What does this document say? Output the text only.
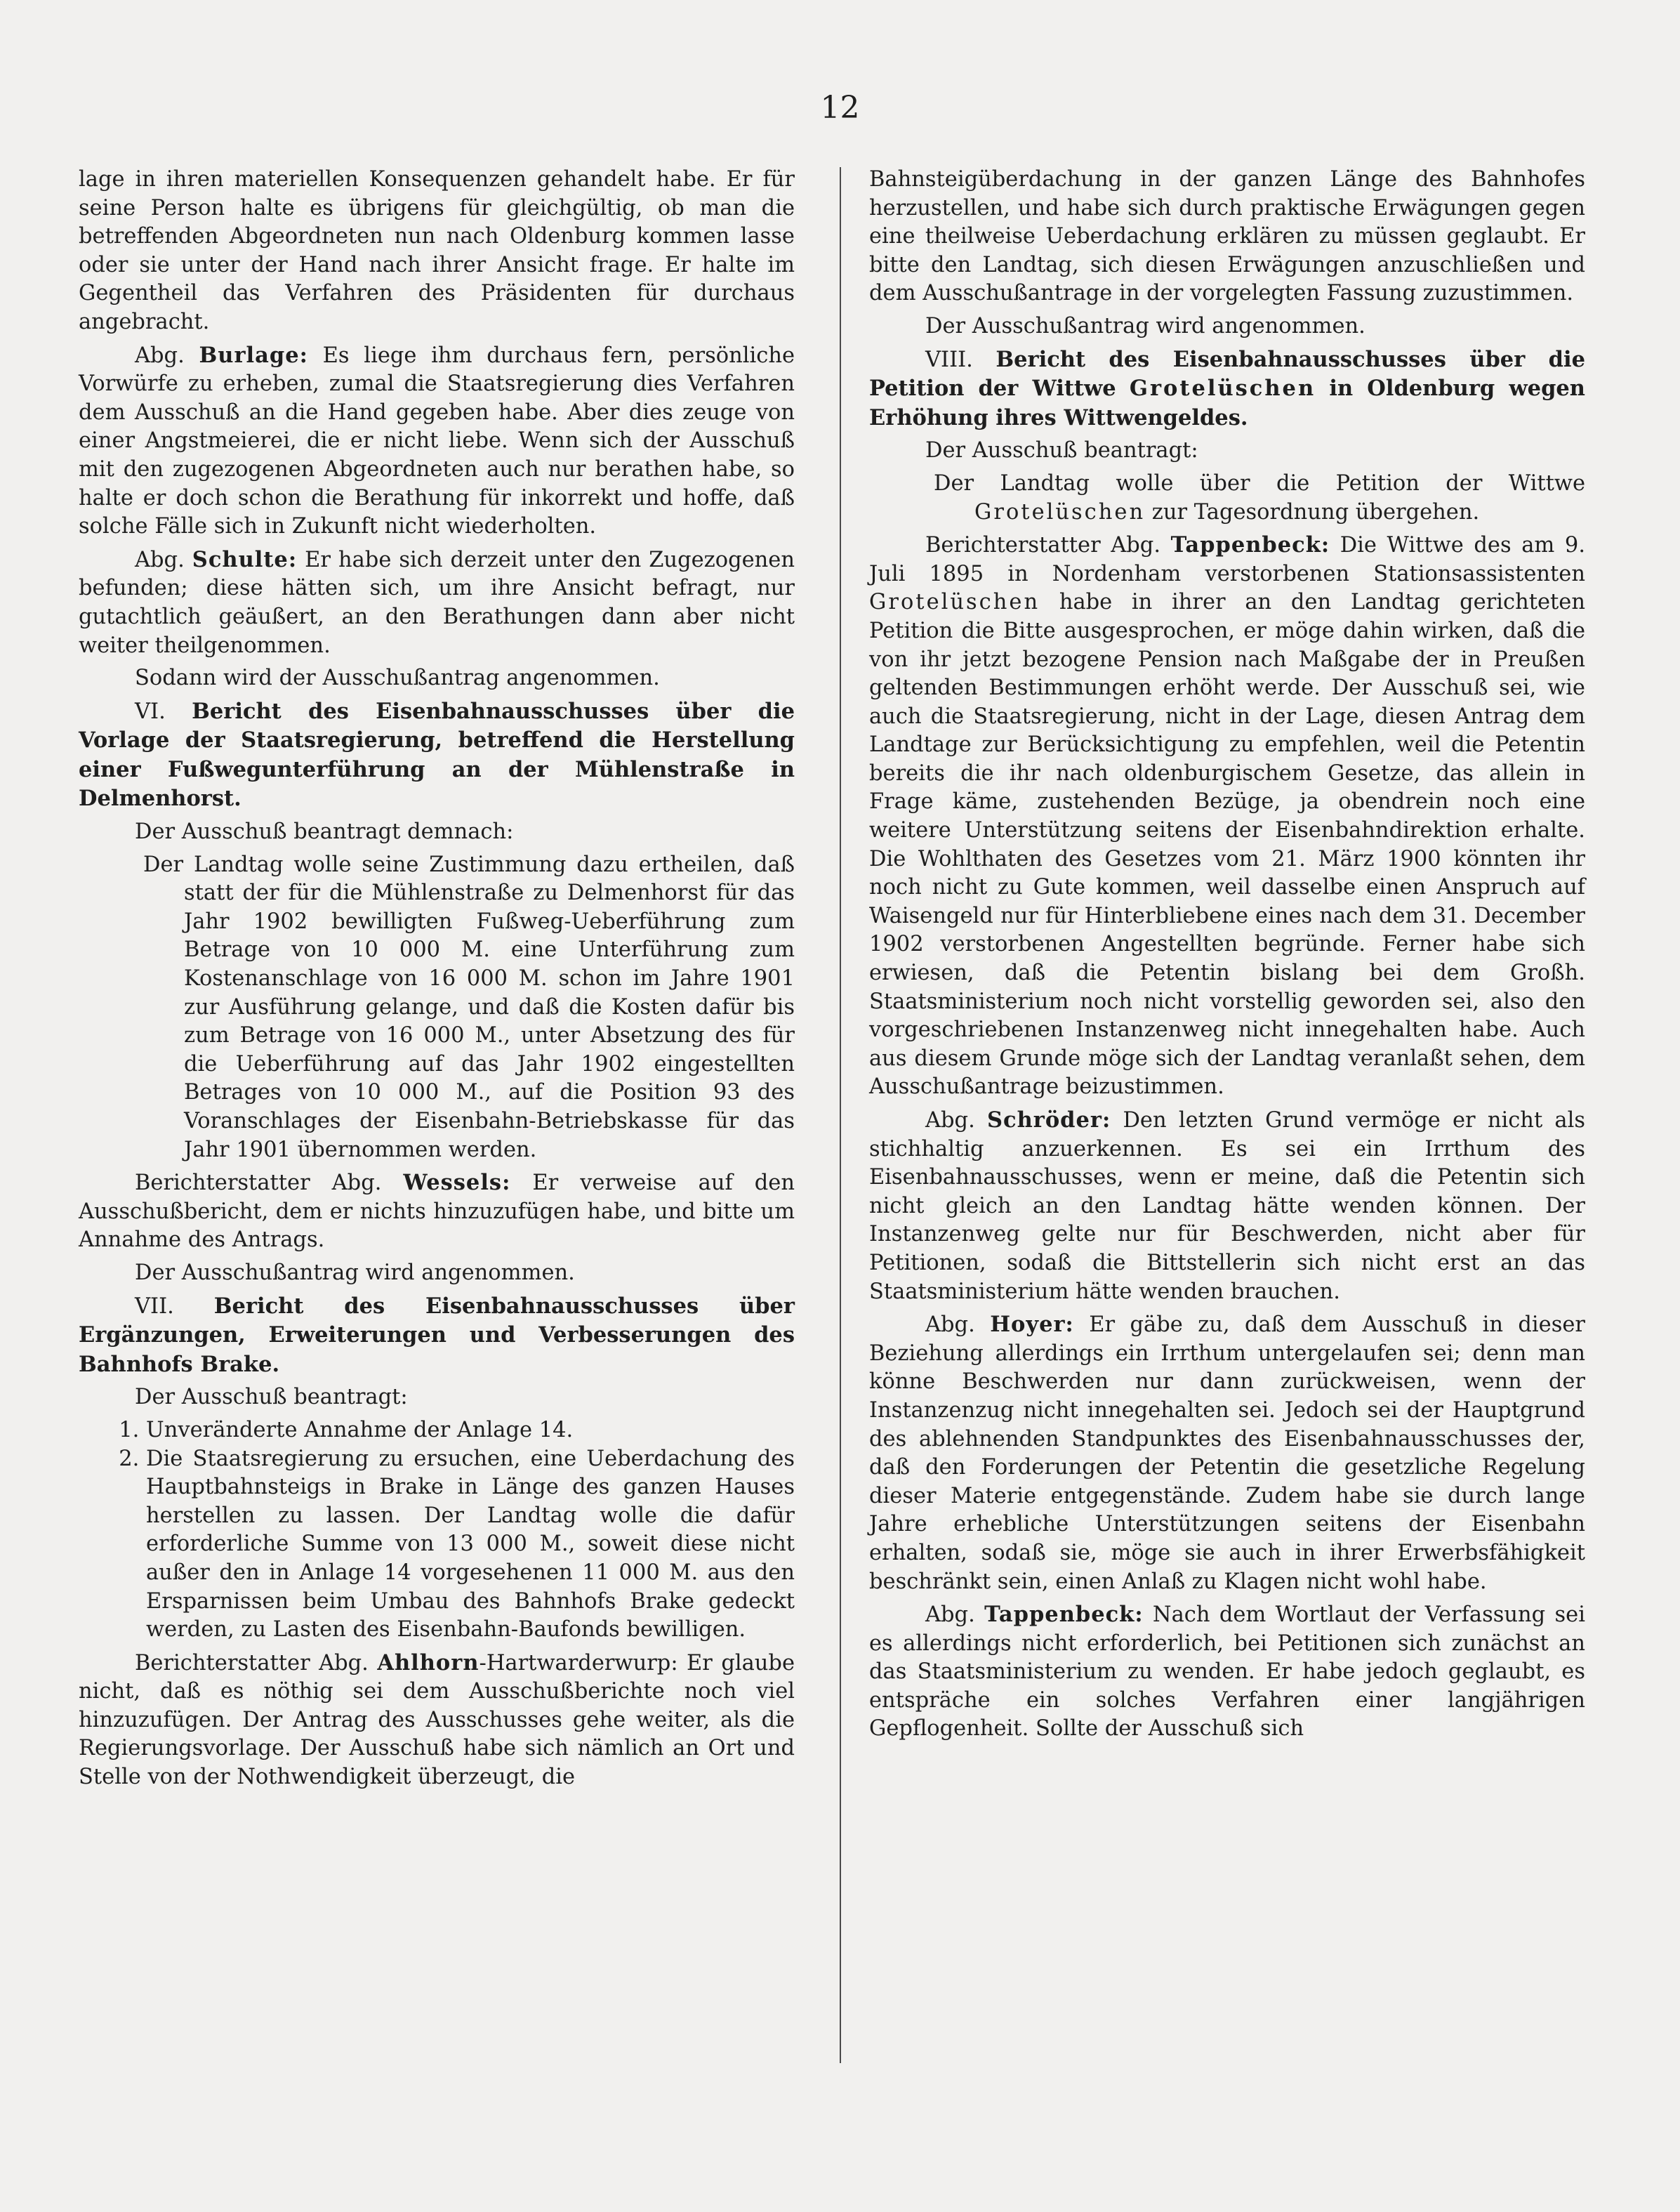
12

lage in ihren materiellen Konsequenzen gehandelt habe. Er für seine Person halte es übrigens für gleichgültig, ob man die betreffenden Abgeordneten nun nach Oldenburg kommen lasse oder sie unter der Hand nach ihrer Ansicht frage. Er halte im Gegentheil das Verfahren des Präsidenten für durchaus angebracht.

Abg. Burlage: Es liege ihm durchaus fern, persönliche Vorwürfe zu erheben, zumal die Staatsregierung dies Verfahren dem Ausschuß an die Hand gegeben habe. Aber dies zeuge von einer Angstmeierei, die er nicht liebe. Wenn sich der Ausschuß mit den zugezogenen Abgeordneten auch nur berathen habe, so halte er doch schon die Berathung für inkorrekt und hoffe, daß solche Fälle sich in Zukunft nicht wiederholten.

Abg. Schulte: Er habe sich derzeit unter den Zugezogenen befunden; diese hätten sich, um ihre Ansicht befragt, nur gutachtlich geäußert, an den Berathungen dann aber nicht weiter theilgenommen.

Sodann wird der Ausschußantrag angenommen.

VI. Bericht des Eisenbahnausschusses über die Vorlage der Staatsregierung, betreffend die Herstellung einer Fußwegunterführung an der Mühlenstraße in Delmenhorst.

Der Ausschuß beantragt demnach:

Der Landtag wolle seine Zustimmung dazu ertheilen, daß statt der für die Mühlenstraße zu Delmenhorst für das Jahr 1902 bewilligten Fußweg-Ueberführung zum Betrage von 10 000 M. eine Unterführung zum Kostenanschlage von 16 000 M. schon im Jahre 1901 zur Ausführung gelange, und daß die Kosten dafür bis zum Betrage von 16 000 M., unter Absetzung des für die Ueberführung auf das Jahr 1902 eingestellten Betrages von 10 000 M., auf die Position 93 des Voranschlages der Eisenbahn-Betriebskasse für das Jahr 1901 übernommen werden.

Berichterstatter Abg. Wessels: Er verweise auf den Ausschußbericht, dem er nichts hinzuzufügen habe, und bitte um Annahme des Antrags.

Der Ausschußantrag wird angenommen.

VII. Bericht des Eisenbahnausschusses über Ergänzungen, Erweiterungen und Verbesserungen des Bahnhofs Brake.

Der Ausschuß beantragt:

1. Unveränderte Annahme der Anlage 14.
2. Die Staatsregierung zu ersuchen, eine Ueberdachung des Hauptbahnsteigs in Brake in Länge des ganzen Hauses herstellen zu lassen. Der Landtag wolle die dafür erforderliche Summe von 13 000 M., soweit diese nicht außer den in Anlage 14 vorgesehenen 11 000 M. aus den Ersparnissen beim Umbau des Bahnhofs Brake gedeckt werden, zu Lasten des Eisenbahn-Baufonds bewilligen.

Berichterstatter Abg. Ahlhorn-Hartwarderwurp: Er glaube nicht, daß es nöthig sei dem Ausschußberichte noch viel hinzuzufügen. Der Antrag des Ausschusses gehe weiter, als die Regierungsvorlage. Der Ausschuß habe sich nämlich an Ort und Stelle von der Nothwendigkeit überzeugt, die

Bahnsteigüberdachung in der ganzen Länge des Bahnhofes herzustellen, und habe sich durch praktische Erwägungen gegen eine theilweise Ueberdachung erklären zu müssen geglaubt. Er bitte den Landtag, sich diesen Erwägungen anzuschließen und dem Ausschußantrage in der vorgelegten Fassung zuzustimmen.

Der Ausschußantrag wird angenommen.

VIII. Bericht des Eisenbahnausschusses über die Petition der Wittwe Grotelüschen in Oldenburg wegen Erhöhung ihres Wittwengeldes.

Der Ausschuß beantragt:

Der Landtag wolle über die Petition der Wittwe Grotelüschen zur Tagesordnung übergehen.

Berichterstatter Abg. Tappenbeck: Die Wittwe des am 9. Juli 1895 in Nordenham verstorbenen Stationsassistenten Grotelüschen habe in ihrer an den Landtag gerichteten Petition die Bitte ausgesprochen, er möge dahin wirken, daß die von ihr jetzt bezogene Pension nach Maßgabe der in Preußen geltenden Bestimmungen erhöht werde. Der Ausschuß sei, wie auch die Staatsregierung, nicht in der Lage, diesen Antrag dem Landtage zur Berücksichtigung zu empfehlen, weil die Petentin bereits die ihr nach oldenburgischem Gesetze, das allein in Frage käme, zustehenden Bezüge, ja obendrein noch eine weitere Unterstützung seitens der Eisenbahndirektion erhalte. Die Wohlthaten des Gesetzes vom 21. März 1900 könnten ihr noch nicht zu Gute kommen, weil dasselbe einen Anspruch auf Waisengeld nur für Hinterbliebene eines nach dem 31. December 1902 verstorbenen Angestellten begründe. Ferner habe sich erwiesen, daß die Petentin bislang bei dem Großh. Staatsministerium noch nicht vorstellig geworden sei, also den vorgeschriebenen Instanzenweg nicht innegehalten habe. Auch aus diesem Grunde möge sich der Landtag veranlaßt sehen, dem Ausschußantrage beizustimmen.

Abg. Schröder: Den letzten Grund vermöge er nicht als stichhaltig anzuerkennen. Es sei ein Irrthum des Eisenbahnausschusses, wenn er meine, daß die Petentin sich nicht gleich an den Landtag hätte wenden können. Der Instanzenweg gelte nur für Beschwerden, nicht aber für Petitionen, sodaß die Bittstellerin sich nicht erst an das Staatsministerium hätte wenden brauchen.

Abg. Hoyer: Er gäbe zu, daß dem Ausschuß in dieser Beziehung allerdings ein Irrthum untergelaufen sei; denn man könne Beschwerden nur dann zurückweisen, wenn der Instanzenzug nicht innegehalten sei. Jedoch sei der Hauptgrund des ablehnenden Standpunktes des Eisenbahnausschusses der, daß den Forderungen der Petentin die gesetzliche Regelung dieser Materie entgegenstände. Zudem habe sie durch lange Jahre erhebliche Unterstützungen seitens der Eisenbahn erhalten, sodaß sie, möge sie auch in ihrer Erwerbsfähigkeit beschränkt sein, einen Anlaß zu Klagen nicht wohl habe.

Abg. Tappenbeck: Nach dem Wortlaut der Verfassung sei es allerdings nicht erforderlich, bei Petitionen sich zunächst an das Staatsministerium zu wenden. Er habe jedoch geglaubt, es entspräche ein solches Verfahren einer langjährigen Gepflogenheit. Sollte der Ausschuß sich
